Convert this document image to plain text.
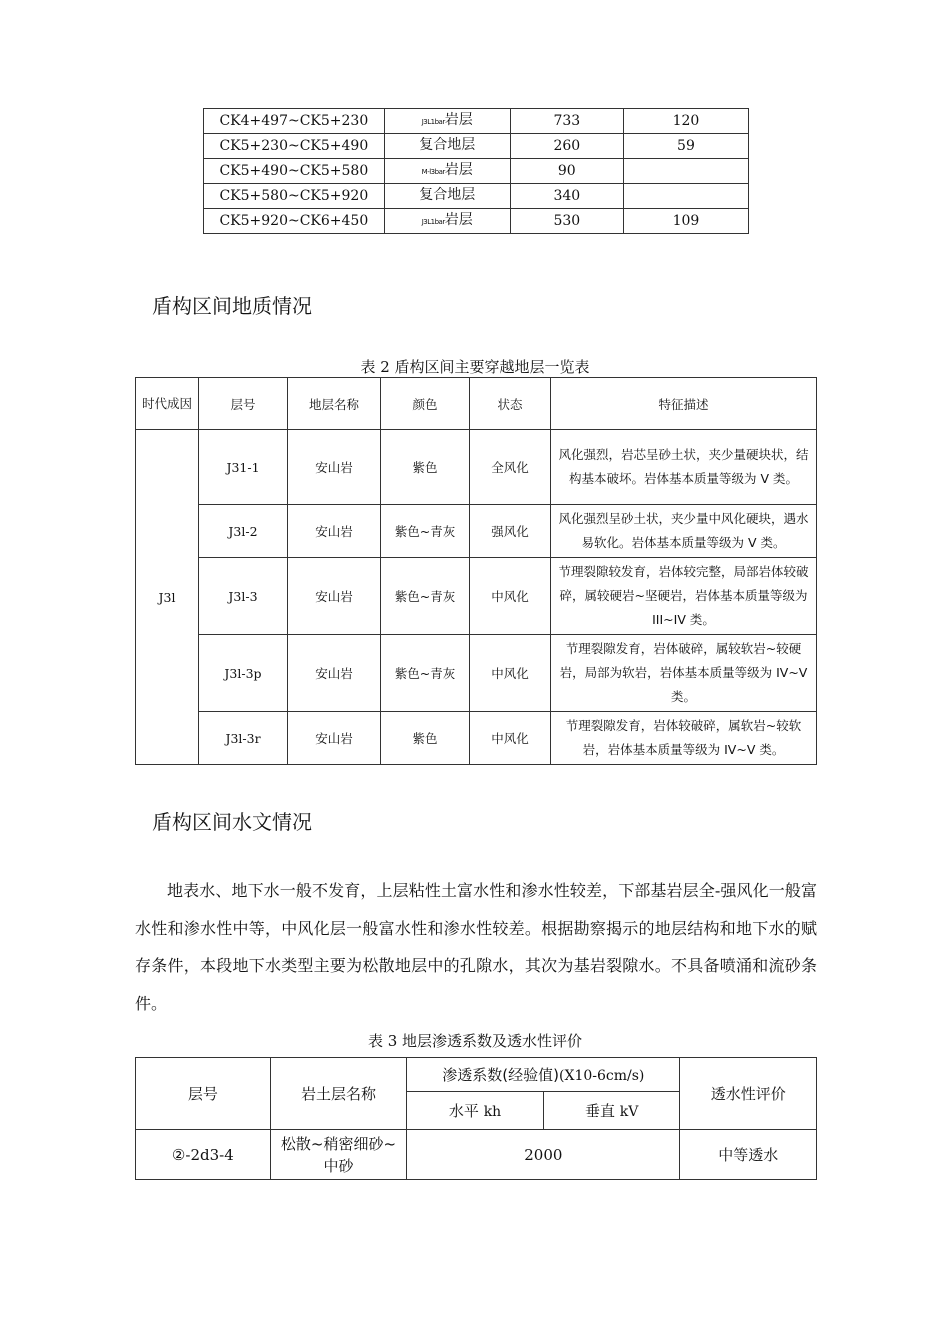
CK4+497~CK5+230	J3L1bar岩层	733	120
CK5+230~CK5+490	复合地层	260	59
CK5+490~CK5+580	M-l3bar岩层	90	
CK5+580~CK5+920	复合地层	340	
CK5+920~CK6+450	J3L1bar岩层	530	109
盾构区间地质情况
表 2 盾构区间主要穿越地层一览表
时代成因	层号	地层名称	颜色	状态	特征描述
J3l	J31-1	安山岩	紫色	全风化	风化强烈，岩芯呈砂土状，夹少量硬块状，结构基本破坏。岩体基本质量等级为 V 类。
	J3l-2	安山岩	紫色~青灰	强风化	风化强烈呈砂土状，夹少量中风化硬块，遇水易软化。岩体基本质量等级为 V 类。
	J3l-3	安山岩	紫色~青灰	中风化	节理裂隙较发育，岩体较完整，局部岩体较破碎，属较硬岩~坚硬岩，岩体基本质量等级为 III~IV 类。
	J3l-3p	安山岩	紫色~青灰	中风化	节理裂隙发育，岩体破碎，属较软岩~较硬岩，局部为软岩，岩体基本质量等级为 IV~V 类。
	J3l-3r	安山岩	紫色	中风化	节理裂隙发育，岩体较破碎，属软岩~较软岩，岩体基本质量等级为 IV~V 类。
盾构区间水文情况

地表水、地下水一般不发育，上层粘性土富水性和渗水性较差，下部基岩层全-强风化一般富水性和渗水性中等，中风化层一般富水性和渗水性较差。根据勘察揭示的地层结构和地下水的赋存条件，本段地下水类型主要为松散地层中的孔隙水，其次为基岩裂隙水。不具备喷涌和流砂条件。

表 3 地层渗透系数及透水性评价
层号	岩土层名称	渗透系数(经验值)(X10-6cm/s)		透水性评价
		水平 kh	垂直 kV	
②-2d3-4	松散~稍密细砂~中砂	2000		中等透水
